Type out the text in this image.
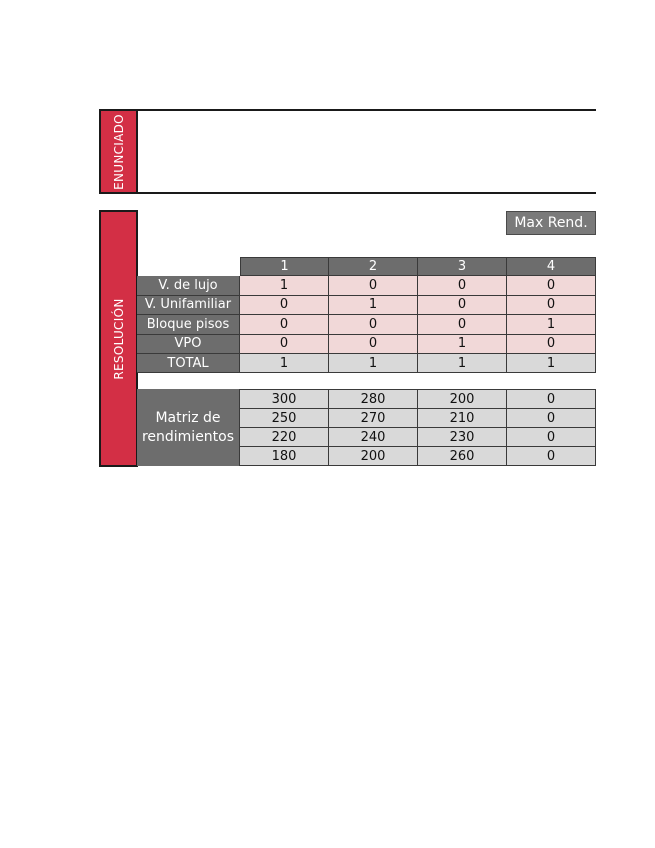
ENUNCIADO
RESOLUCIÓN
Max Rend.
1	2	3	4
V. de lujo	1	0	0	0
V. Unifamiliar	0	1	0	0
Bloque pisos	0	0	0	1
VPO	0	0	1	0
TOTAL	1	1	1	1
Matriz de
rendimientos
300	280	200	0
250	270	210	0
220	240	230	0
180	200	260	0
